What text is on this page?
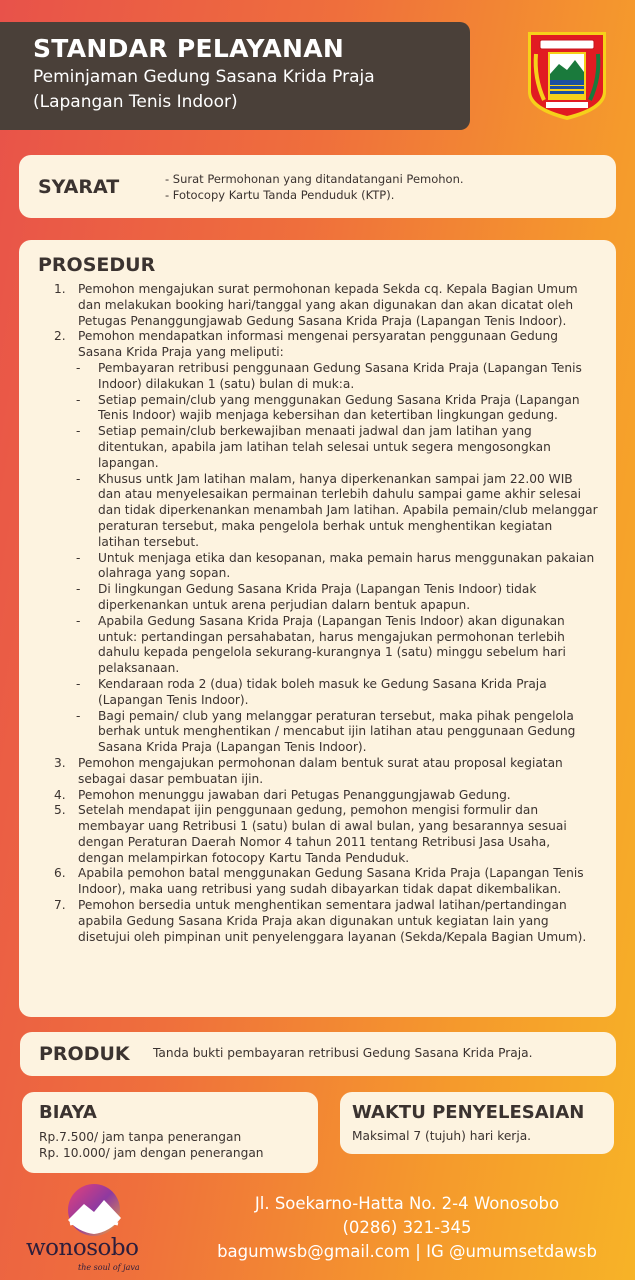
STANDAR PELAYANAN
Peminjaman Gedung Sasana Krida Praja
(Lapangan Tenis Indoor)
SYARAT	- Surat Permohonan yang ditandatangani Pemohon.
- Fotocopy Kartu Tanda Penduduk (KTP).
PROSEDUR
1. Pemohon mengajukan surat permohonan kepada Sekda cq. Kepala Bagian Umum dan melakukan booking hari/tanggal yang akan digunakan dan akan dicatat oleh Petugas Penanggungjawab Gedung Sasana Krida Praja (Lapangan Tenis Indoor).
2. Pemohon mendapatkan informasi mengenai persyaratan penggunaan Gedung Sasana Krida Praja yang meliputi:
- Pembayaran retribusi penggunaan Gedung Sasana Krida Praja (Lapangan Tenis Indoor) dilakukan 1 (satu) bulan di muk:a.
- Setiap pemain/club yang menggunakan Gedung Sasana Krida Praja (Lapangan Tenis Indoor) wajib menjaga kebersihan dan ketertiban lingkungan gedung.
- Setiap pemain/club berkewajiban menaati jadwal dan jam latihan yang ditentukan, apabila jam latihan telah selesai untuk segera mengosongkan lapangan.
- Khusus untk Jam latihan malam, hanya diperkenankan sampai jam 22.00 WIB dan atau menyelesaikan permainan terlebih dahulu sampai game akhir selesai dan tidak diperkenankan menambah Jam latihan. Apabila pemain/club melanggar peraturan tersebut, maka pengelola berhak untuk menghentikan kegiatan latihan tersebut.
- Untuk menjaga etika dan kesopanan, maka pemain harus menggunakan pakaian olahraga yang sopan.
- Di lingkungan Gedung Sasana Krida Praja (Lapangan Tenis Indoor) tidak diperkenankan untuk arena perjudian dalarn bentuk apapun.
- Apabila Gedung Sasana Krida Praja (Lapangan Tenis Indoor) akan digunakan untuk: pertandingan persahabatan, harus mengajukan permohonan terlebih dahulu kepada pengelola sekurang-kurangnya 1 (satu) minggu sebelum hari pelaksanaan.
- Kendaraan roda 2 (dua) tidak boleh masuk ke Gedung Sasana Krida Praja (Lapangan Tenis Indoor).
- Bagi pemain/ club yang melanggar peraturan tersebut, maka pihak pengelola berhak untuk menghentikan / mencabut ijin latihan atau penggunaan Gedung Sasana Krida Praja (Lapangan Tenis Indoor).
3. Pemohon mengajukan permohonan dalam bentuk surat atau proposal kegiatan sebagai dasar pembuatan ijin.
4. Pemohon menunggu jawaban dari Petugas Penanggungjawab Gedung.
5. Setelah mendapat ijin penggunaan gedung, pemohon mengisi formulir dan membayar uang Retribusi 1 (satu) bulan di awal bulan, yang besarannya sesuai dengan Peraturan Daerah Nomor 4 tahun 2011 tentang Retribusi Jasa Usaha, dengan melampirkan fotocopy Kartu Tanda Penduduk.
6. Apabila pemohon batal menggunakan Gedung Sasana Krida Praja (Lapangan Tenis Indoor), maka uang retribusi yang sudah dibayarkan tidak dapat dikembalikan.
7. Pemohon bersedia untuk menghentikan sementara jadwal latihan/pertandingan apabila Gedung Sasana Krida Praja akan digunakan untuk kegiatan lain yang disetujui oleh pimpinan unit penyelenggara layanan (Sekda/Kepala Bagian Umum).
PRODUK Tanda bukti pembayaran retribusi Gedung Sasana Krida Praja.
BIAYA
Rp.7.500/ jam tanpa penerangan
Rp. 10.000/ jam dengan penerangan
WAKTU PENYELESAIAN
Maksimal 7 (tujuh) hari kerja.
wonosobo
the soul of java
Jl. Soekarno-Hatta No. 2-4 Wonosobo
(0286) 321-345
bagumwsb@gmail.com | IG @umumsetdawsb
